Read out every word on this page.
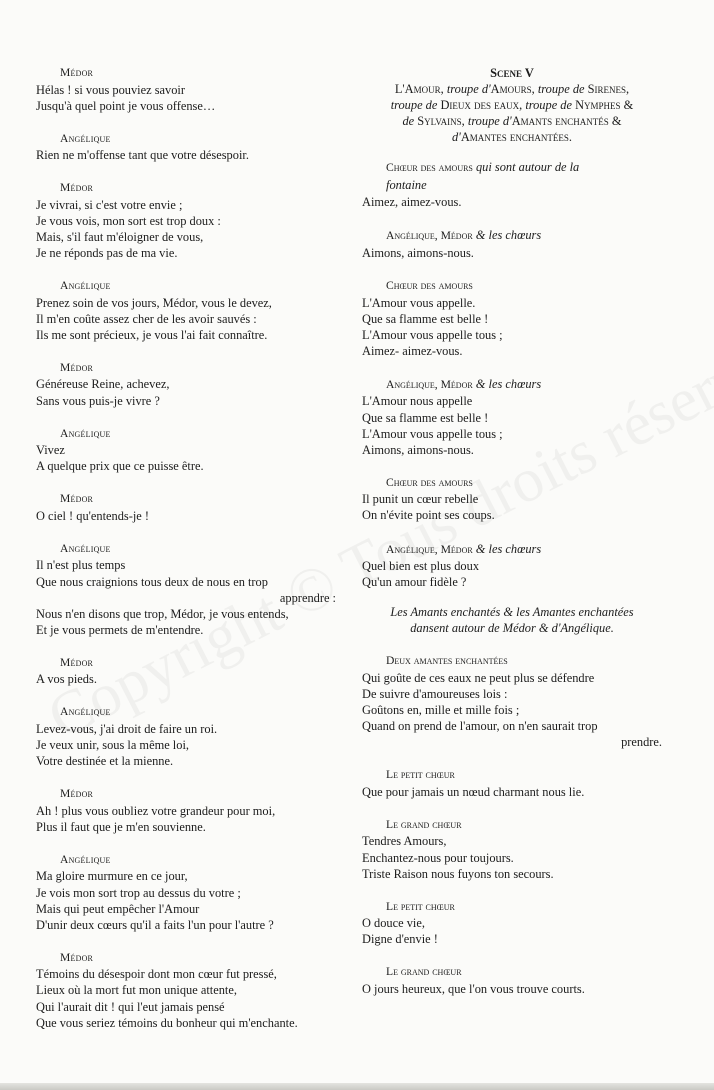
Médor
Hélas ! si vous pouviez savoir
Jusqu'à quel point je vous offense…
Angélique
Rien ne m'offense tant que votre désespoir.
Médor
Je vivrai, si c'est votre envie ;
Je vous vois, mon sort est trop doux :
Mais, s'il faut m'éloigner de vous,
Je ne réponds pas de ma vie.
Angélique
Prenez soin de vos jours, Médor, vous le devez,
Il m'en coûte assez cher de les avoir sauvés :
Ils me sont précieux, je vous l'ai fait connaître.
Médor
Généreuse Reine, achevez,
Sans vous puis-je vivre ?
Angélique
Vivez
A quelque prix que ce puisse être.
Médor
O ciel ! qu'entends-je !
Angélique
Il n'est plus temps
Que nous craignions tous deux de nous en trop
apprendre :
Nous n'en disons que trop, Médor, je vous entends,
Et je vous permets de m'entendre.
Médor
A vos pieds.
Angélique
Levez-vous, j'ai droit de faire un roi.
Je veux unir, sous la même loi,
Votre destinée et la mienne.
Médor
Ah ! plus vous oubliez votre grandeur pour moi,
Plus il faut que je m'en souvienne.
Angélique
Ma gloire murmure en ce jour,
Je vois mon sort trop au dessus du votre ;
Mais qui peut empêcher l'Amour
D'unir deux cœurs qu'il a faits l'un pour l'autre ?
Médor
Témoins du désespoir dont mon cœur fut pressé,
Lieux où la mort fut mon unique attente,
Qui l'aurait dit ! qui l'eut jamais pensé
Que vous seriez témoins du bonheur qui m'enchante.
Scene V
L'Amour, troupe d'Amours, troupe de Sirenes,
troupe de Dieux des eaux, troupe de Nymphes &
de Sylvains, troupe d'Amants enchantés &
d'Amantes enchantées.
Chœur des amours qui sont autour de la
fontaine
Aimez, aimez-vous.
Angélique, Médor & les chœurs
Aimons, aimons-nous.
Chœur des amours
L'Amour vous appelle.
Que sa flamme est belle !
L'Amour vous appelle tous ;
Aimez- aimez-vous.
Angélique, Médor & les chœurs
L'Amour nous appelle
Que sa flamme est belle !
L'Amour vous appelle tous ;
Aimons, aimons-nous.
Chœur des amours
Il punit un cœur rebelle
On n'évite point ses coups.
Angélique, Médor & les chœurs
Quel bien est plus doux
Qu'un amour fidèle ?
Les Amants enchantés & les Amantes enchantées
dansent autour de Médor & d'Angélique.
Deux amantes enchantées
Qui goûte de ces eaux ne peut plus se défendre
De suivre d'amoureuses lois :
Goûtons en, mille et mille fois ;
Quand on prend de l'amour, on n'en saurait trop
prendre.
Le petit chœur
Que pour jamais un nœud charmant nous lie.
Le grand chœur
Tendres Amours,
Enchantez-nous pour toujours.
Triste Raison nous fuyons ton secours.
Le petit chœur
O douce vie,
Digne d'envie !
Le grand chœur
O jours heureux, que l'on vous trouve courts.
